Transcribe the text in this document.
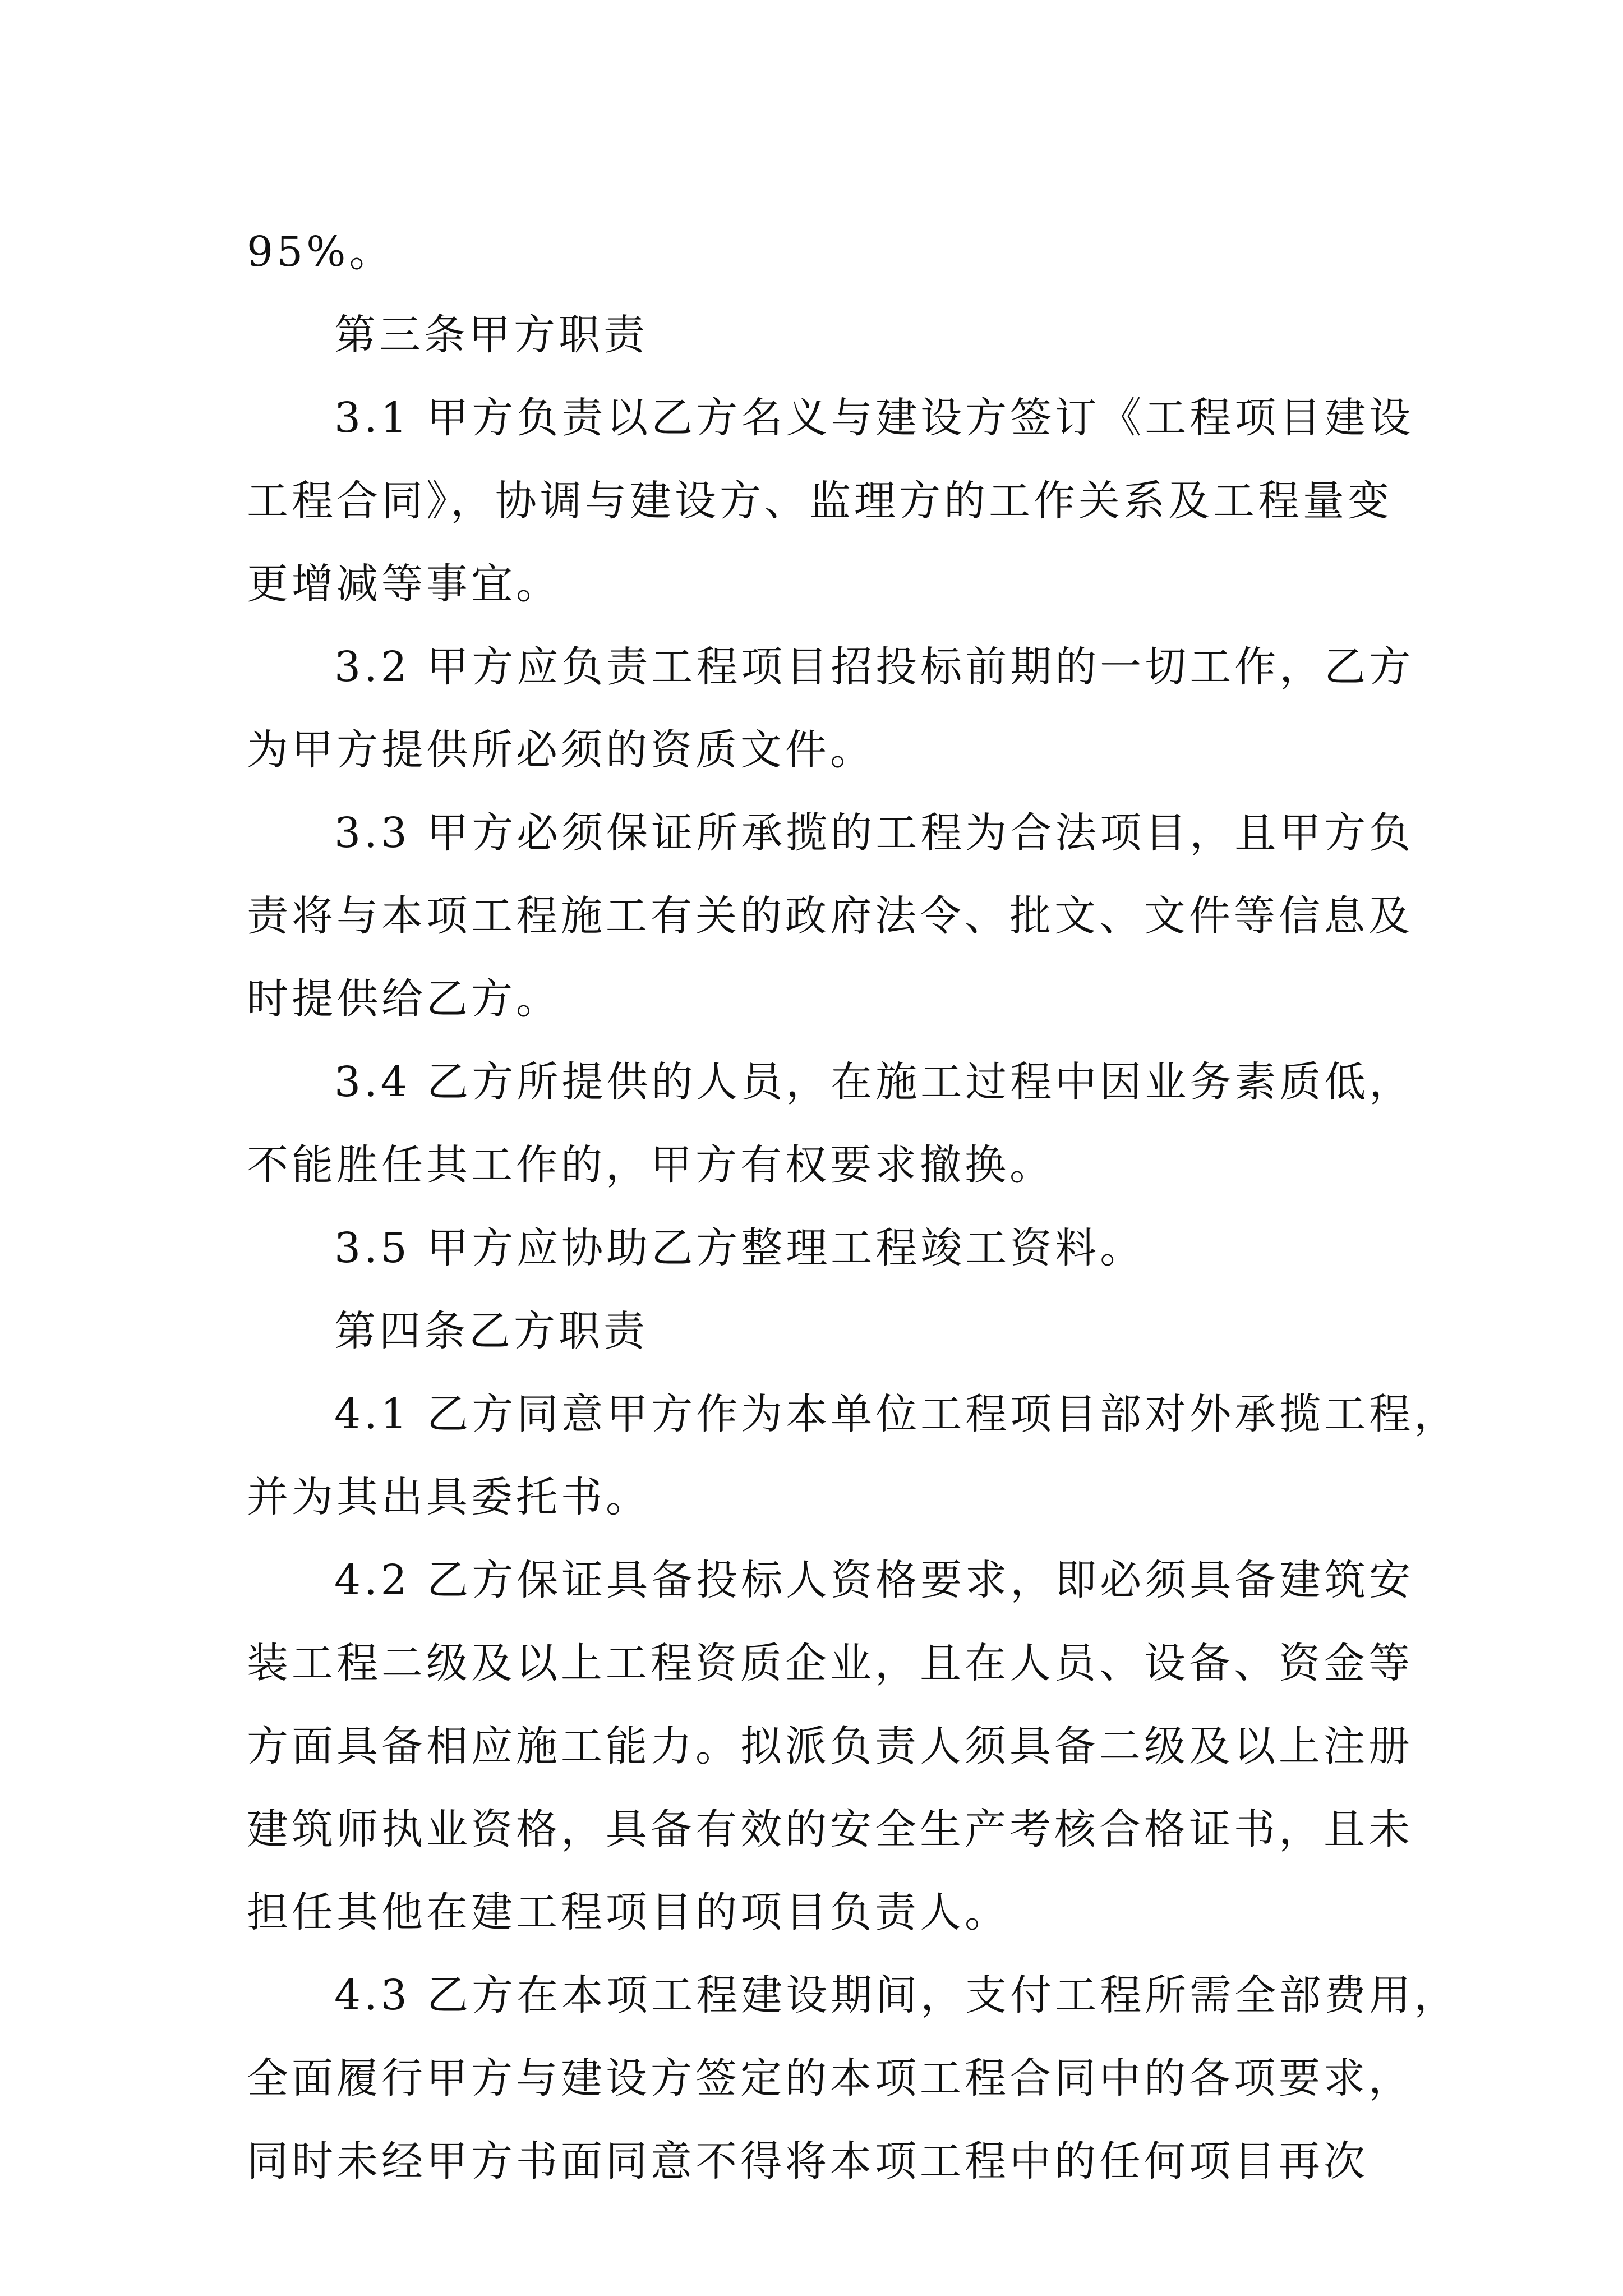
95%。
第三条甲方职责
3.1 甲方负责以乙方名义与建设方签订《工程项目建设
工程合同》，协调与建设方、监理方的工作关系及工程量变
更增减等事宜。
3.2 甲方应负责工程项目招投标前期的一切工作，乙方
为甲方提供所必须的资质文件。
3.3 甲方必须保证所承揽的工程为合法项目，且甲方负
责将与本项工程施工有关的政府法令、批文、文件等信息及
时提供给乙方。
3.4 乙方所提供的人员，在施工过程中因业务素质低，
不能胜任其工作的，甲方有权要求撤换。
3.5 甲方应协助乙方整理工程竣工资料。
第四条乙方职责
4.1 乙方同意甲方作为本单位工程项目部对外承揽工程，
并为其出具委托书。
4.2 乙方保证具备投标人资格要求，即必须具备建筑安
装工程二级及以上工程资质企业，且在人员、设备、资金等
方面具备相应施工能力。拟派负责人须具备二级及以上注册
建筑师执业资格，具备有效的安全生产考核合格证书，且未
担任其他在建工程项目的项目负责人。
4.3 乙方在本项工程建设期间，支付工程所需全部费用，
全面履行甲方与建设方签定的本项工程合同中的各项要求，
同时未经甲方书面同意不得将本项工程中的任何项目再次
